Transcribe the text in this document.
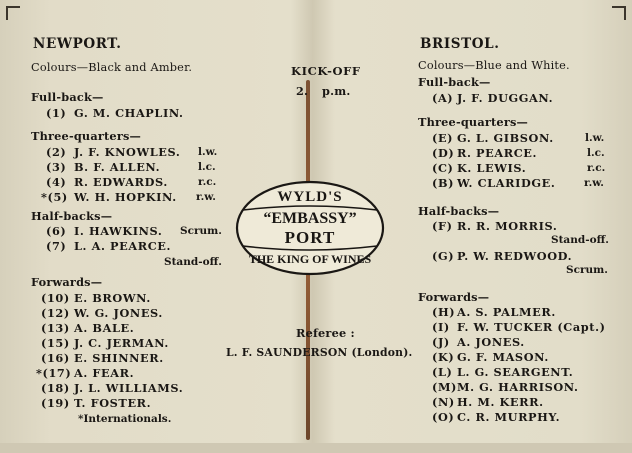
NEWPORT.
Colours—Black and Amber.
Full-back—
(1) G. M. CHAPLIN.
Three-quarters—
(2) J. F. KNOWLES. l.w.
(3) B. F. ALLEN.	l.c.
(4) R. EDWARDS.	r.c.
*(5) W. H. HOPKIN. r.w.
Half-backs—
(6) I. HAWKINS. Scrum.
(7) L. A. PEARCE.
Stand-off.
Forwards—
(10) E. BROWN.
(12) W. G. JONES.
(13) A. BALE.
(15) J. C. JERMAN.
(16) E. SHINNER.
*(17) A. FEAR.
(18) J. L. WILLIAMS.
(19) T. FOSTER.
*Internationals.
KICK-OFF
2. p.m.
WYLD'S
“EMBASSY”
PORT
THE KING OF WINES
Referee :
L. F. SAUNDERSON (London).
BRISTOL.
Colours—Blue and White.
Full-back—
(A) J. F. DUGGAN.
Three-quarters—
(E) G. L. GIBSON.	l.w.
(D) R. PEARCE.	l.c.
(C) K. LEWIS.	r.c.
(B) W. CLARIDGE.	r.w.
Half-backs—
(F) R. R. MORRIS.
Stand-off.
(G) P. W. REDWOOD.
Scrum.
Forwards—
(H) A. S. PALMER.
(I) F. W. TUCKER (Capt.)
(J) A. JONES.
(K) G. F. MASON.
(L) L. G. SEARGENT.
(M) M. G. HARRISON.
(N) H. M. KERR.
(O) C. R. MURPHY.
